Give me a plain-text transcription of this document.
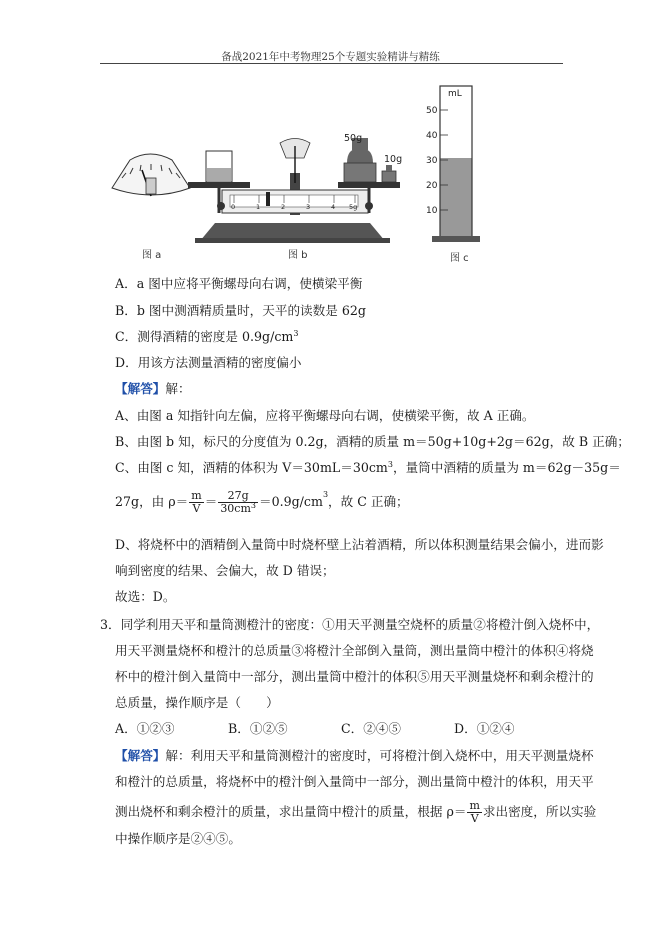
备战2021年中考物理25个专题实验精讲与精练
图 a
50g
10g
0	1	2	3	4 5g
图 b
mL
50
40
30
20
10
图 c
A．a 图中应将平衡螺母向右调，使横梁平衡
B．b 图中测酒精质量时，天平的读数是 62g
C．测得酒精的密度是 $0.9g/cm^3$
D．用该方法测量酒精的密度偏小
【解答】解：
A、由图 a 知指针向左偏，应将平衡螺母向右调，使横梁平衡，故 A 正确。
B、由图 b 知，标尺的分度值为 0.2g，酒精的质量 m＝50g+10g+2g＝62g，故 B 正确；
C、由图 c 知，酒精的体积为 $V=30mL=30cm^3$，量筒中酒精的质量为 m＝62g－35g＝
27g，由 $\rho= \frac{m}{V} = \frac{27g}{30cm^3} =0.9g/cm^3$，故 C 正确；
D、将烧杯中的酒精倒入量筒中时烧杯壁上沾着酒精，所以体积测量结果会偏小，进而影
响到密度的结果、会偏大，故 D 错误；
故选：D。
3．同学利用天平和量筒测橙汁的密度：①用天平测量空烧杯的质量②将橙汁倒入烧杯中，
用天平测量烧杯和橙汁的总质量③将橙汁全部倒入量筒，测出量筒中橙汁的体积④将烧
杯中的橙汁倒入量筒中一部分，测出量筒中橙汁的体积⑤用天平测量烧杯和剩余橙汁的
总质量，操作顺序是（　　）
A．①②③	B．①②⑤	C．②④⑤	D．①②④
【解答】解：利用天平和量筒测橙汁的密度时，可将橙汁倒入烧杯中，用天平测量烧杯
和橙汁的总质量，将烧杯中的橙汁倒入量筒中一部分，测出量筒中橙汁的体积，用天平
测出烧杯和剩余橙汁的质量，求出量筒中橙汁的质量，根据 $\rho= \frac{m}{V}$ 求出密度，所以实验
中操作顺序是②④⑤。
